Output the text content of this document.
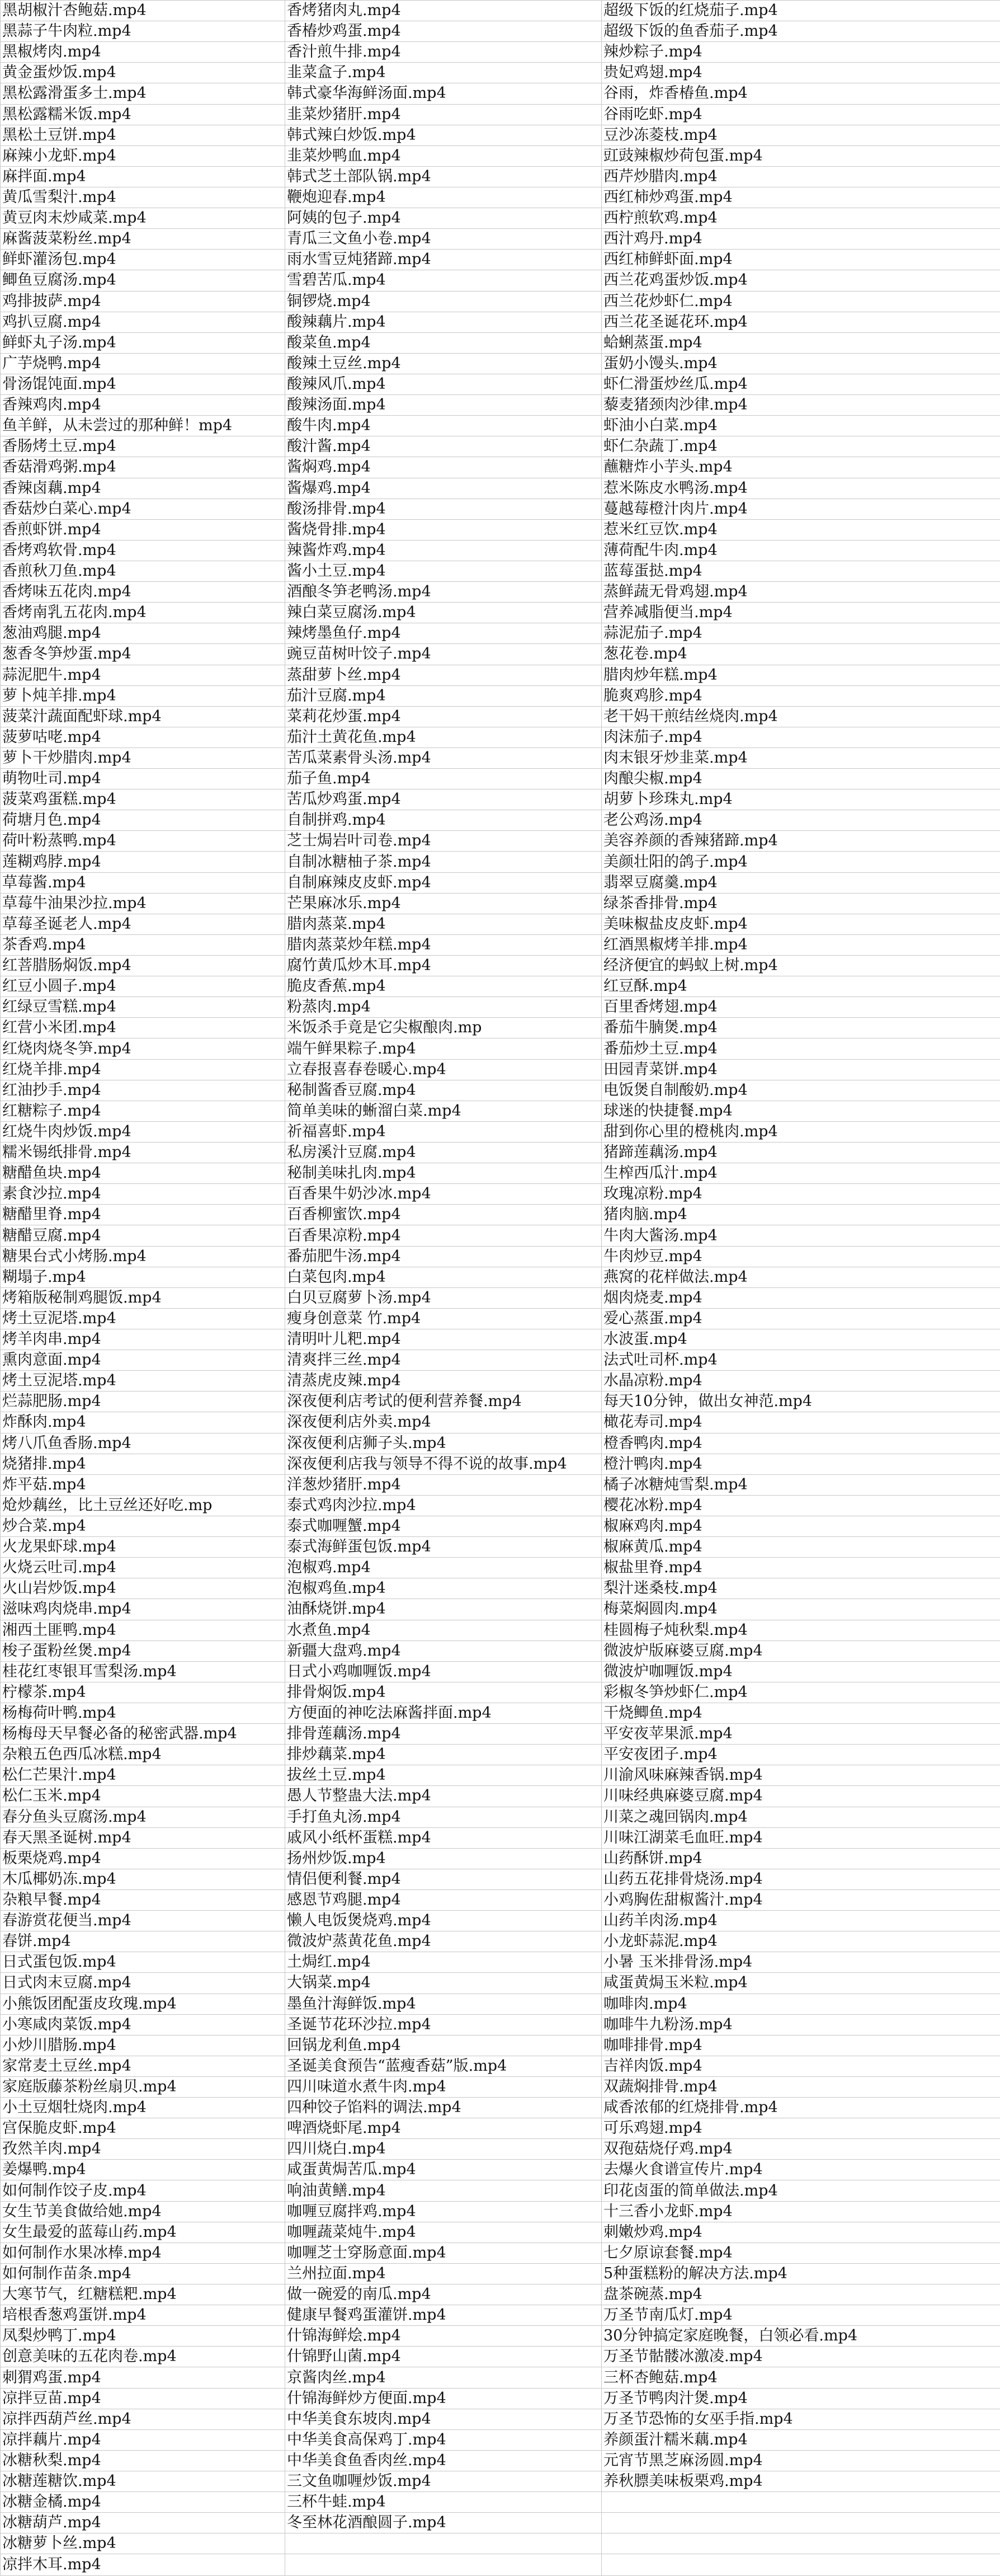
黑胡椒汁杏鲍菇.mp4	香烤猪肉丸.mp4	超级下饭的红烧茄子.mp4
黑蒜子牛肉粒.mp4	香椿炒鸡蛋.mp4	超级下饭的鱼香茄子.mp4
黑椒烤肉.mp4	香汁煎牛排.mp4	辣炒粽子.mp4
黄金蛋炒饭.mp4	韭菜盒子.mp4	贵妃鸡翅.mp4
黑松露滑蛋多士.mp4	韩式豪华海鲜汤面.mp4	谷雨，炸香椿鱼.mp4
黑松露糯米饭.mp4	韭菜炒猪肝.mp4	谷雨吃虾.mp4
黑松土豆饼.mp4	韩式辣白炒饭.mp4	豆沙冻菱枝.mp4
麻辣小龙虾.mp4	韭菜炒鸭血.mp4	豇豉辣椒炒荷包蛋.mp4
麻拌面.mp4	韩式芝土部队锅.mp4	西芹炒腊肉.mp4
黄瓜雪梨汁.mp4	鞭炮迎春.mp4	西红柿炒鸡蛋.mp4
黄豆肉末炒咸菜.mp4	阿姨的包子.mp4	西柠煎软鸡.mp4
麻酱菠菜粉丝.mp4	青瓜三文鱼小卷.mp4	西汁鸡丹.mp4
鲜虾灌汤包.mp4	雨水雪豆炖猪蹄.mp4	西红柿鲜虾面.mp4
鲫鱼豆腐汤.mp4	雪碧苦瓜.mp4	西兰花鸡蛋炒饭.mp4
鸡排披萨.mp4	铜锣烧.mp4	西兰花炒虾仁.mp4
鸡扒豆腐.mp4	酸辣藕片.mp4	西兰花圣诞花环.mp4
鲜虾丸子汤.mp4	酸菜鱼.mp4	蛤蜊蒸蛋.mp4
广芋烧鸭.mp4	酸辣土豆丝.mp4	蛋奶小馒头.mp4
骨汤馄饨面.mp4	酸辣风爪.mp4	虾仁滑蛋炒丝瓜.mp4
香辣鸡肉.mp4	酸辣汤面.mp4	藜麦猪颈肉沙律.mp4
鱼羊鲜，从未尝过的那种鲜！mp4	酸牛肉.mp4	虾油小白菜.mp4
香肠烤土豆.mp4	酸汁酱.mp4	虾仁杂蔬丁.mp4
香菇滑鸡粥.mp4	酱焖鸡.mp4	蘸糖炸小芋头.mp4
香辣卤藕.mp4	酱爆鸡.mp4	惹米陈皮水鸭汤.mp4
香菇炒白菜心.mp4	酸汤排骨.mp4	蔓越莓橙汁肉片.mp4
香煎虾饼.mp4	酱烧骨排.mp4	惹米红豆饮.mp4
香烤鸡软骨.mp4	辣酱炸鸡.mp4	薄荷配牛肉.mp4
香煎秋刀鱼.mp4	酱小土豆.mp4	蓝莓蛋挞.mp4
香烤味五花肉.mp4	酒酿冬笋老鸭汤.mp4	蒸鲜蔬无骨鸡翅.mp4
香烤南乳五花肉.mp4	辣白菜豆腐汤.mp4	营养减脂便当.mp4
葱油鸡腿.mp4	辣烤墨鱼仔.mp4	蒜泥茄子.mp4
葱香冬笋炒蛋.mp4	豌豆苗树叶饺子.mp4	葱花卷.mp4
蒜泥肥牛.mp4	蒸甜萝卜丝.mp4	腊肉炒年糕.mp4
萝卜炖羊排.mp4	茄汁豆腐.mp4	脆爽鸡胗.mp4
菠菜汁蔬面配虾球.mp4	菜莉花炒蛋.mp4	老干妈干煎结丝烧肉.mp4
菠萝咕咾.mp4	茄汁土黄花鱼.mp4	肉沫茄子.mp4
萝卜干炒腊肉.mp4	苦瓜菜素骨头汤.mp4	肉末银牙炒韭菜.mp4
萌物吐司.mp4	茄子鱼.mp4	肉酿尖椒.mp4
菠菜鸡蛋糕.mp4	苦瓜炒鸡蛋.mp4	胡萝卜珍珠丸.mp4
荷塘月色.mp4	自制拼鸡.mp4	老公鸡汤.mp4
荷叶粉蒸鸭.mp4	芝士焗岩叶司卷.mp4	美容养颜的香辣猪蹄.mp4
莲糊鸡脖.mp4	自制冰糖柚子茶.mp4	美颜壮阳的鸽子.mp4
草莓酱.mp4	自制麻辣皮皮虾.mp4	翡翠豆腐羹.mp4
草莓牛油果沙拉.mp4	芒果麻冰乐.mp4	绿茶香排骨.mp4
草莓圣诞老人.mp4	腊肉蒸菜.mp4	美味椒盐皮皮虾.mp4
茶香鸡.mp4	腊肉蒸菜炒年糕.mp4	红酒黑椒烤羊排.mp4
红菩腊肠焖饭.mp4	腐竹黄瓜炒木耳.mp4	经济便宜的蚂蚁上树.mp4
红豆小圆子.mp4	脆皮香蕉.mp4	红豆酥.mp4
红绿豆雪糕.mp4	粉蒸肉.mp4	百里香烤翅.mp4
红营小米团.mp4	米饭杀手竟是它尖椒酿肉.mp	番茄牛腩煲.mp4
红烧肉烧冬笋.mp4	端午鲜果粽子.mp4	番茄炒土豆.mp4
红烧羊排.mp4	立春报喜春卷暖心.mp4	田园青菜饼.mp4
红油抄手.mp4	秘制酱香豆腐.mp4	电饭煲自制酸奶.mp4
红糖粽子.mp4	简单美味的蜥溜白菜.mp4	球迷的快捷餐.mp4
红烧牛肉炒饭.mp4	祈福喜虾.mp4	甜到你心里的橙桃肉.mp4
糯米锡纸排骨.mp4	私房溪汁豆腐.mp4	猪蹄莲藕汤.mp4
糖醋鱼块.mp4	秘制美味扎肉.mp4	生榨西瓜汁.mp4
素食沙拉.mp4	百香果牛奶沙冰.mp4	玫瑰凉粉.mp4
糖醋里脊.mp4	百香柳蜜饮.mp4	猪肉脑.mp4
糖醋豆腐.mp4	百香果凉粉.mp4	牛肉大酱汤.mp4
糖果台式小烤肠.mp4	番茄肥牛汤.mp4	牛肉炒豆.mp4
糊塌子.mp4	白菜包肉.mp4	燕窝的花样做法.mp4
烤箱版秘制鸡腿饭.mp4	白贝豆腐萝卜汤.mp4	烟肉烧麦.mp4
烤土豆泥塔.mp4	瘦身创意菜 竹.mp4	爱心蒸蛋.mp4
烤羊肉串.mp4	清明叶儿粑.mp4	水波蛋.mp4
熏肉意面.mp4	清爽拌三丝.mp4	法式吐司杯.mp4
烤土豆泥塔.mp4	清蒸虎皮辣.mp4	水晶凉粉.mp4
烂蒜肥肠.mp4	深夜便利店考试的便利营养餐.mp4	每天10分钟，做出女神范.mp4
炸酥肉.mp4	深夜便利店外卖.mp4	橄花寿司.mp4
烤八爪鱼香肠.mp4	深夜便利店狮子头.mp4	橙香鸭肉.mp4
烧猪排.mp4	深夜便利店我与领导不得不说的故事.mp4	橙汁鸭肉.mp4
炸平菇.mp4	洋葱炒猪肝.mp4	橘子冰糖炖雪梨.mp4
炝炒藕丝，比土豆丝还好吃.mp	泰式鸡肉沙拉.mp4	樱花冰粉.mp4
炒合菜.mp4	泰式咖喱蟹.mp4	椒麻鸡肉.mp4
火龙果虾球.mp4	泰式海鲜蛋包饭.mp4	椒麻黄瓜.mp4
火烧云吐司.mp4	泡椒鸡.mp4	椒盐里脊.mp4
火山岩炒饭.mp4	泡椒鸡鱼.mp4	梨汁迷桑枝.mp4
滋味鸡肉烧串.mp4	油酥烧饼.mp4	梅菜焖圆肉.mp4
湘西土匪鸭.mp4	水煮鱼.mp4	桂圆梅子炖秋梨.mp4
梭子蛋粉丝煲.mp4	新疆大盘鸡.mp4	微波炉版麻婆豆腐.mp4
桂花红枣银耳雪梨汤.mp4	日式小鸡咖喱饭.mp4	微波炉咖喱饭.mp4
柠檬茶.mp4	排骨焖饭.mp4	彩椒冬笋炒虾仁.mp4
杨梅荷叶鸭.mp4	方便面的神吃法麻酱拌面.mp4	干烧鲫鱼.mp4
杨梅母天早餐必备的秘密武器.mp4	排骨莲藕汤.mp4	平安夜苹果派.mp4
杂粮五色西瓜冰糕.mp4	排炒藕菜.mp4	平安夜团子.mp4
松仁芒果汁.mp4	拔丝土豆.mp4	川渝风味麻辣香锅.mp4
松仁玉米.mp4	愚人节整蛊大法.mp4	川味经典麻婆豆腐.mp4
春分鱼头豆腐汤.mp4	手打鱼丸汤.mp4	川菜之魂回锅肉.mp4
春天黑圣诞树.mp4	戚风小纸杯蛋糕.mp4	川味江湖菜毛血旺.mp4
板栗烧鸡.mp4	扬州炒饭.mp4	山药酥饼.mp4
木瓜椰奶冻.mp4	情侣便利餐.mp4	山药五花排骨烧汤.mp4
杂粮早餐.mp4	感恩节鸡腿.mp4	小鸡胸佐甜椒酱汁.mp4
春游赏花便当.mp4	懒人电饭煲烧鸡.mp4	山药羊肉汤.mp4
春饼.mp4	微波炉蒸黄花鱼.mp4	小龙虾蒜泥.mp4
日式蛋包饭.mp4	土焗红.mp4	小暑 玉米排骨汤.mp4
日式肉末豆腐.mp4	大锅菜.mp4	咸蛋黄焗玉米粒.mp4
小熊饭团配蛋皮玫瑰.mp4	墨鱼汁海鲜饭.mp4	咖啡肉.mp4
小寒咸肉菜饭.mp4	圣诞节花环沙拉.mp4	咖啡牛九粉汤.mp4
小炒川腊肠.mp4	回锅龙利鱼.mp4	咖啡排骨.mp4
家常麦土豆丝.mp4	圣诞美食预告“蓝瘦香菇”版.mp4	吉祥肉饭.mp4
家庭版藤茶粉丝扇贝.mp4	四川味道水煮牛肉.mp4	双蔬焖排骨.mp4
小土豆烟牡烧肉.mp4	四种饺子馅料的调法.mp4	咸香浓郁的红烧排骨.mp4
宫保脆皮虾.mp4	啤酒烧虾尾.mp4	可乐鸡翅.mp4
孜然羊肉.mp4	四川烧白.mp4	双孢菇烧仔鸡.mp4
姜爆鸭.mp4	咸蛋黄焗苦瓜.mp4	去爆火食谱宣传片.mp4
如何制作饺子皮.mp4	响油黄鳝.mp4	印花卤蛋的简单做法.mp4
女生节美食做给她.mp4	咖喱豆腐拌鸡.mp4	十三香小龙虾.mp4
女生最爱的蓝莓山药.mp4	咖喱蔬菜炖牛.mp4	刺嫩炒鸡.mp4
如何制作水果冰棒.mp4	咖喱芝士穿肠意面.mp4	七夕原谅套餐.mp4
如何制作苗条.mp4	兰州拉面.mp4	5种蛋糕粉的解决方法.mp4
大寒节气，红糖糕粑.mp4	做一碗爱的南瓜.mp4	盘茶碗蒸.mp4
培根香葱鸡蛋饼.mp4	健康早餐鸡蛋灌饼.mp4	万圣节南瓜灯.mp4
凤梨炒鸭丁.mp4	什锦海鲜烩.mp4	30分钟搞定家庭晚餐，白领必看.mp4
创意美味的五花肉卷.mp4	什锦野山菌.mp4	万圣节骷髅冰激凌.mp4
刺猬鸡蛋.mp4	京酱肉丝.mp4	三杯杏鲍菇.mp4
凉拌豆苗.mp4	什锦海鲜炒方便面.mp4	万圣节鸭肉汁煲.mp4
凉拌西葫芦丝.mp4	中华美食东坡肉.mp4	万圣节恐怖的女巫手指.mp4
凉拌藕片.mp4	中华美食高保鸡丁.mp4	养颜蛋汁糯米藕.mp4
冰糖秋梨.mp4	中华美食鱼香肉丝.mp4	元宵节黑芝麻汤圆.mp4
冰糖莲糖饮.mp4	三文鱼咖喱炒饭.mp4	养秋膘美味板栗鸡.mp4
冰糖金橘.mp4	三杯牛蛙.mp4	
冰糖葫芦.mp4	冬至林花酒酿圆子.mp4	
冰糖萝卜丝.mp4		
凉拌木耳.mp4		
